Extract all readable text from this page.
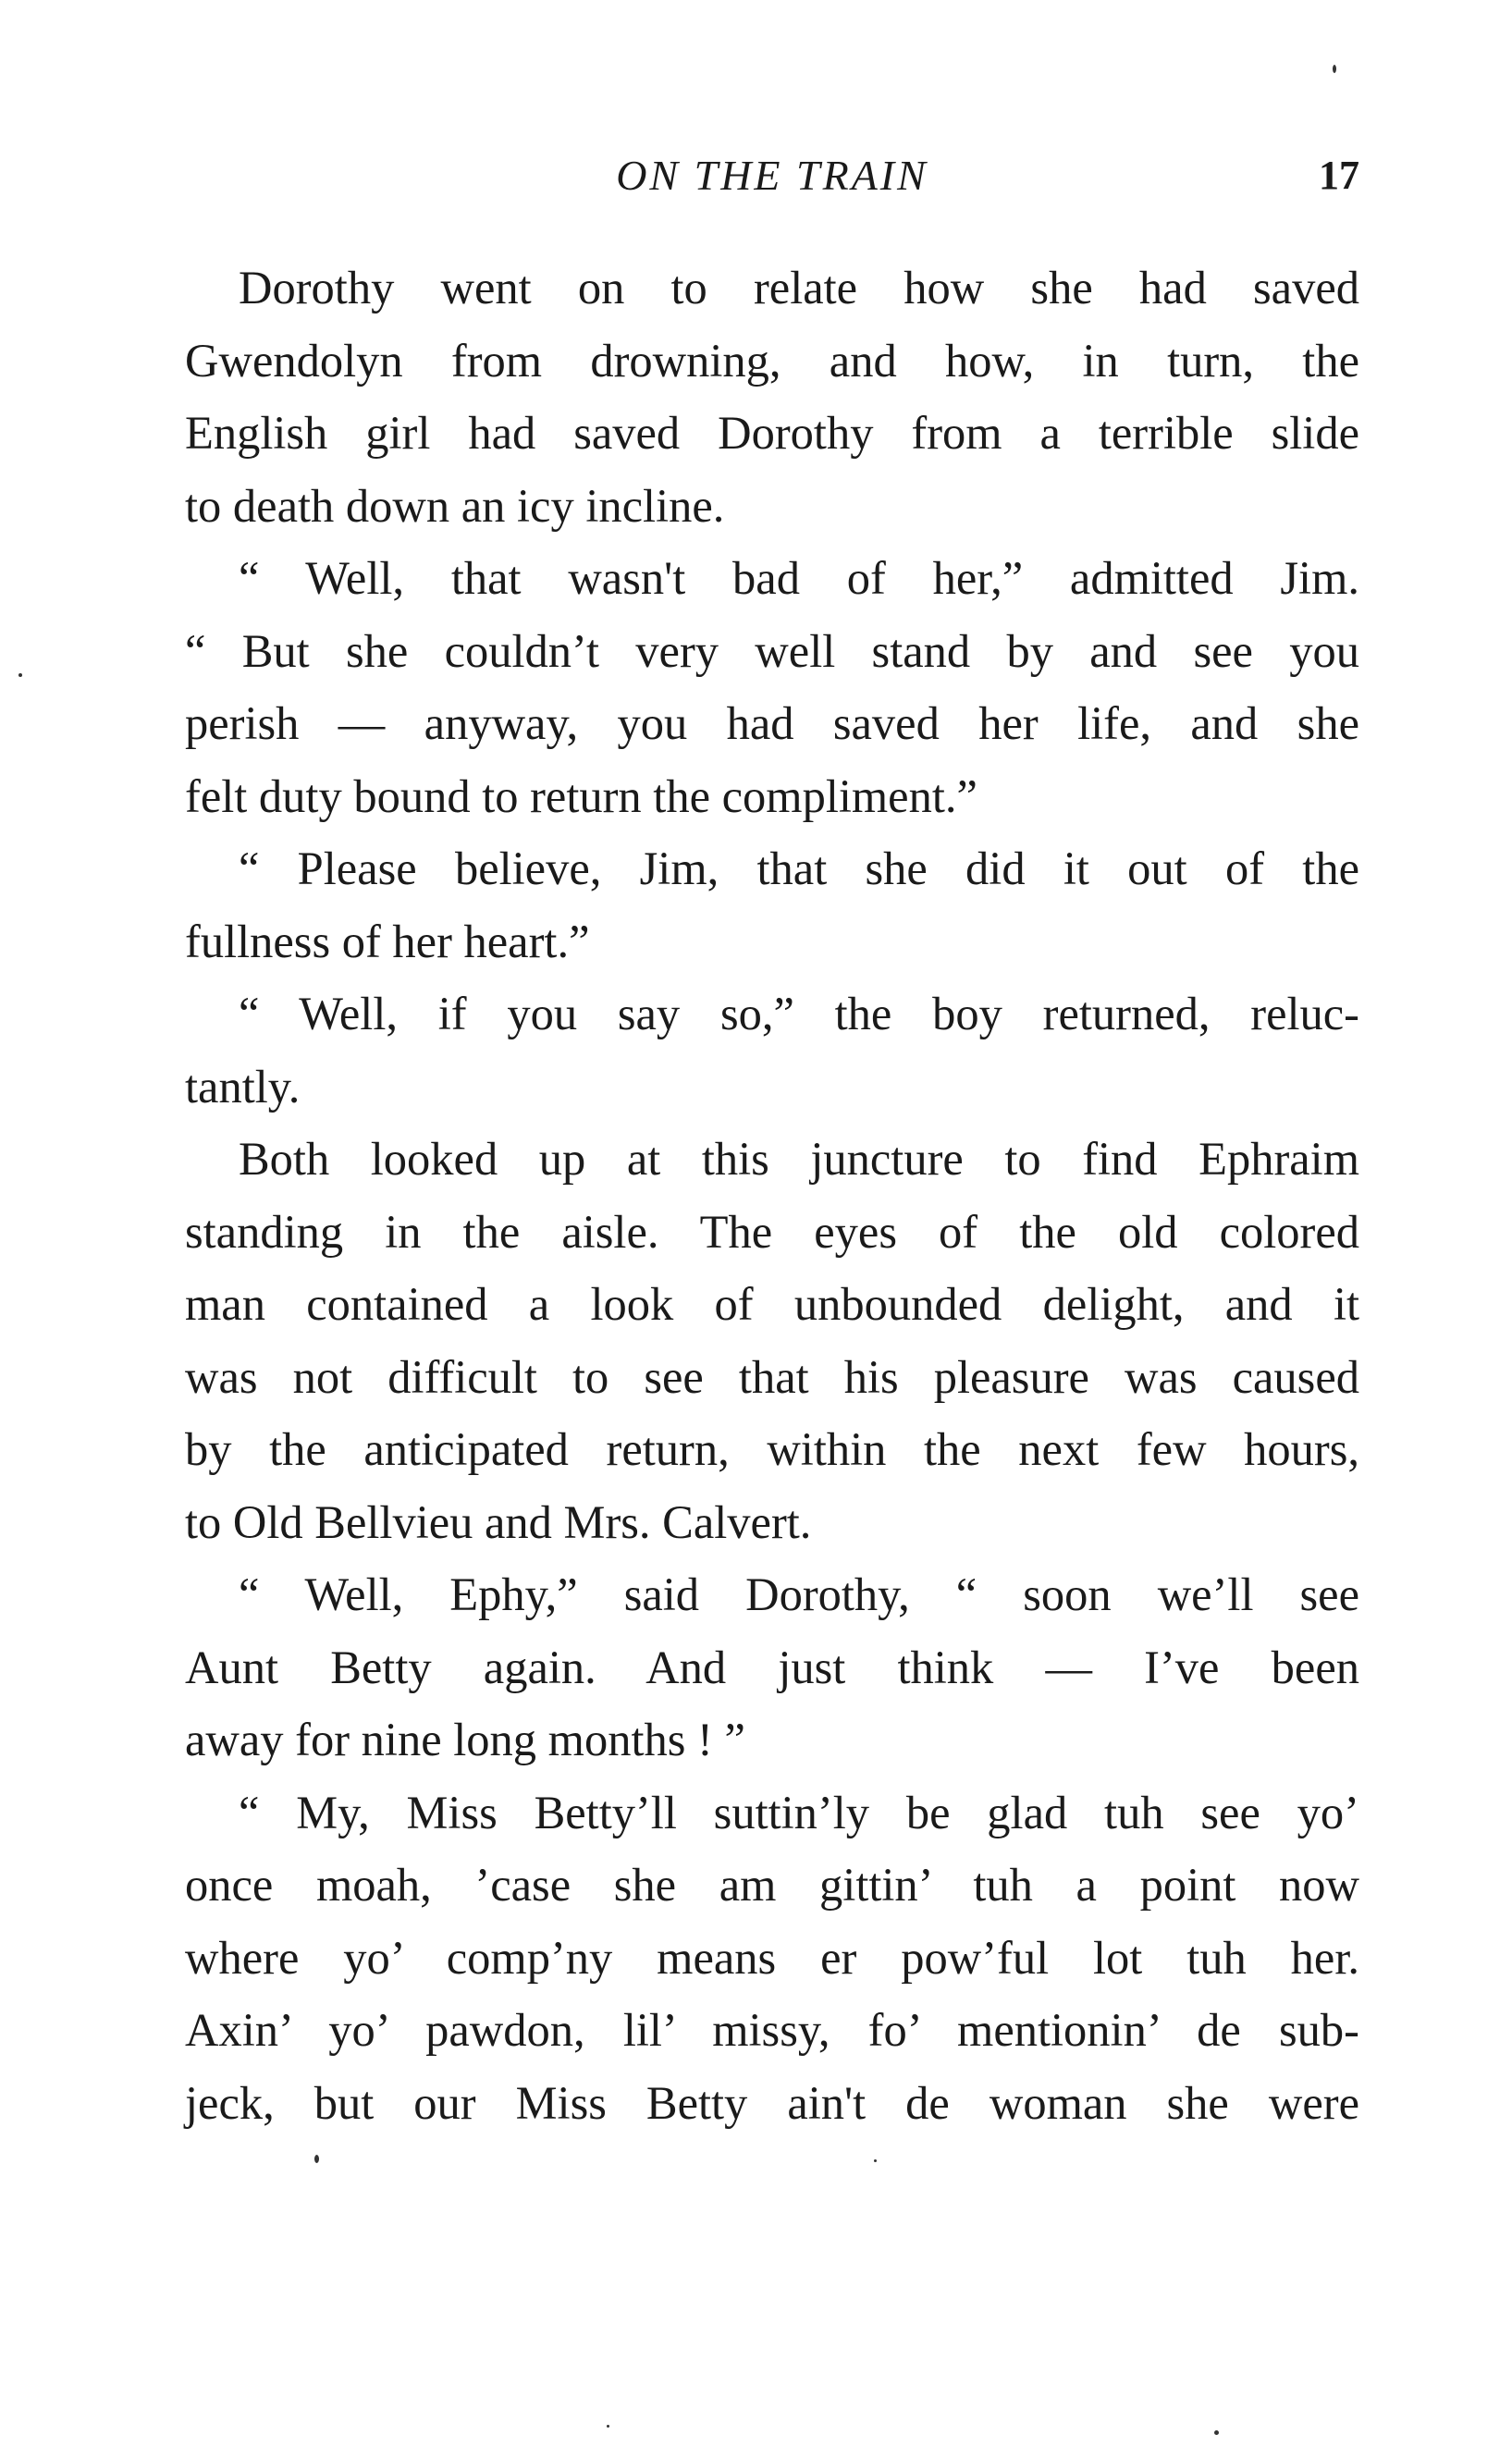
ON THE TRAIN	17
Dorothy went on to relate how she had saved
Gwendolyn from drowning, and how, in turn, the
English girl had saved Dorothy from a terrible slide
to death down an icy incline.
“ Well, that wasn't bad of her,” admitted Jim.
“ But she couldn’t very well stand by and see you
perish — anyway, you had saved her life, and she
felt duty bound to return the compliment.”
“ Please believe, Jim, that she did it out of the
fullness of her heart.”
“ Well, if you say so,” the boy returned, reluc-
tantly.
Both looked up at this juncture to find Ephraim
standing in the aisle. The eyes of the old colored
man contained a look of unbounded delight, and it
was not difficult to see that his pleasure was caused
by the anticipated return, within the next few hours,
to Old Bellvieu and Mrs. Calvert.
“ Well, Ephy,” said Dorothy, “ soon we’ll see
Aunt Betty again. And just think — I’ve been
away for nine long months ! ”
“ My, Miss Betty’ll suttin’ly be glad tuh see yo’
once moah, ’case she am gittin’ tuh a point now
where yo’ comp’ny means er pow’ful lot tuh her.
Axin’ yo’ pawdon, lil’ missy, fo’ mentionin’ de sub-
jeck, but our Miss Betty ain't de woman she were
